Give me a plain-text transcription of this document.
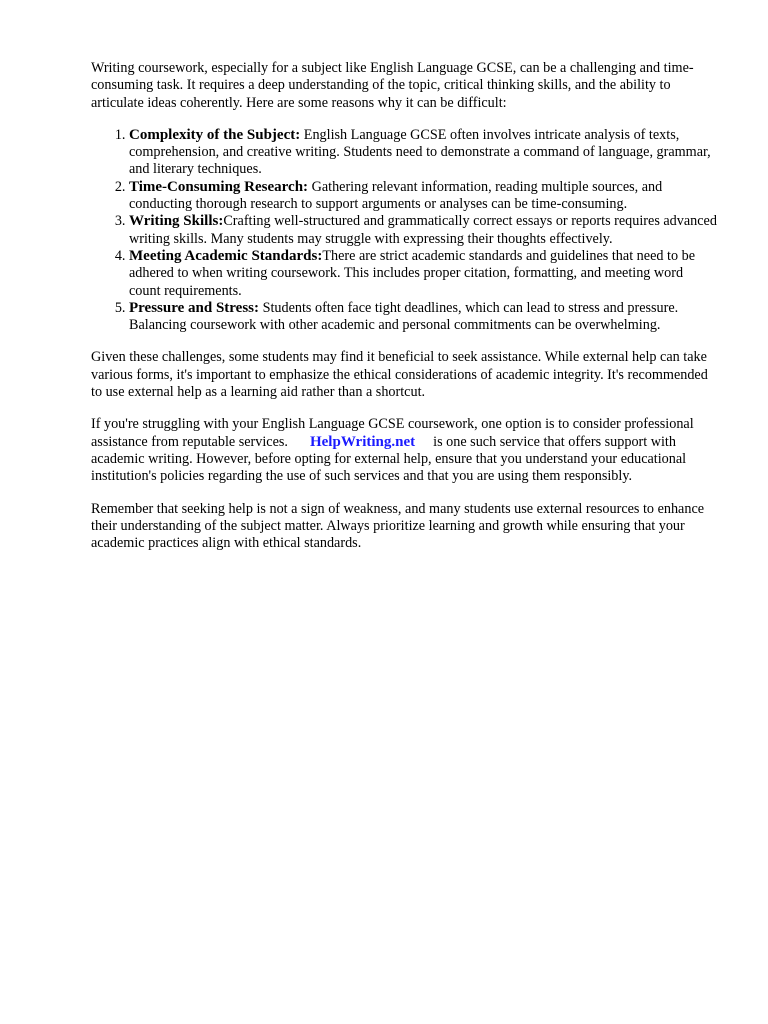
Writing coursework, especially for a subject like English Language GCSE, can be a challenging and time-consuming task. It requires a deep understanding of the topic, critical thinking skills, and the ability to articulate ideas coherently. Here are some reasons why it can be difficult:

1. Complexity of the Subject: English Language GCSE often involves intricate analysis of texts, comprehension, and creative writing. Students need to demonstrate a command of language, grammar, and literary techniques.
2. Time-Consuming Research: Gathering relevant information, reading multiple sources, and conducting thorough research to support arguments or analyses can be time-consuming.
3. Writing Skills:Crafting well-structured and grammatically correct essays or reports requires advanced writing skills. Many students may struggle with expressing their thoughts effectively.
4. Meeting Academic Standards:There are strict academic standards and guidelines that need to be adhered to when writing coursework. This includes proper citation, formatting, and meeting word count requirements.
5. Pressure and Stress: Students often face tight deadlines, which can lead to stress and pressure. Balancing coursework with other academic and personal commitments can be overwhelming.

Given these challenges, some students may find it beneficial to seek assistance. While external help can take various forms, it's important to emphasize the ethical considerations of academic integrity. It's recommended to use external help as a learning aid rather than a shortcut.

If you're struggling with your English Language GCSE coursework, one option is to consider professional assistance from reputable services. HelpWriting.net is one such service that offers support with academic writing. However, before opting for external help, ensure that you understand your educational institution's policies regarding the use of such services and that you are using them responsibly.

Remember that seeking help is not a sign of weakness, and many students use external resources to enhance their understanding of the subject matter. Always prioritize learning and growth while ensuring that your academic practices align with ethical standards.
